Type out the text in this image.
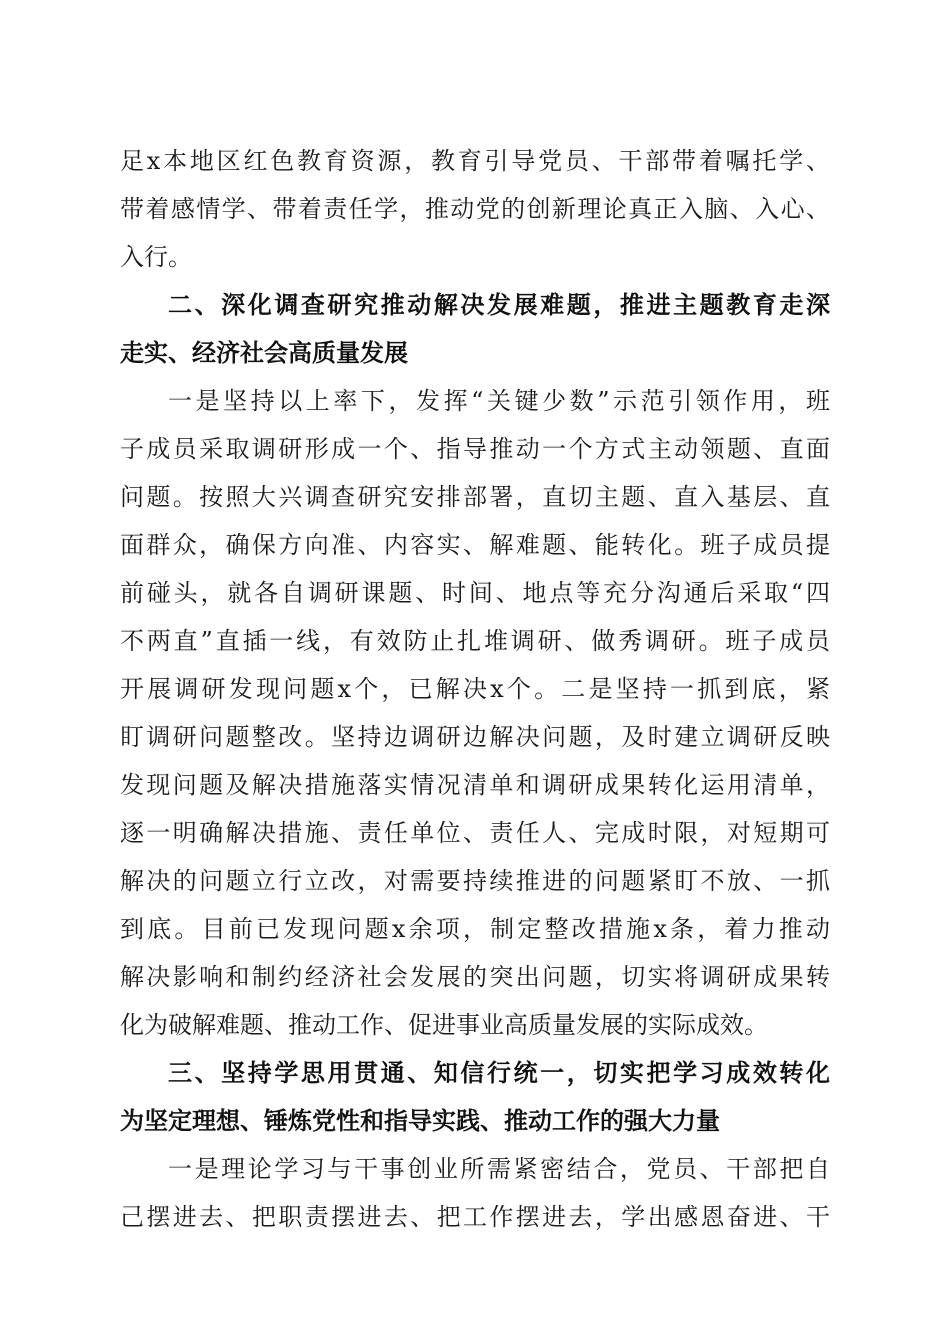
足x本地区红色教育资源，教育引导党员、干部带着嘱托学、

带着感情学、带着责任学，推动党的创新理论真正入脑、入心、

入行。

二、深化调查研究推动解决发展难题，推进主题教育走深

走实、经济社会高质量发展

一是坚持以上率下，发挥“关键少数”示范引领作用，班

子成员采取调研形成一个、指导推动一个方式主动领题、直面

问题。按照大兴调查研究安排部署，直切主题、直入基层、直

面群众，确保方向准、内容实、解难题、能转化。班子成员提

前碰头，就各自调研课题、时间、地点等充分沟通后采取“四

不两直”直插一线，有效防止扎堆调研、做秀调研。班子成员

开展调研发现问题x个，已解决x个。二是坚持一抓到底，紧

盯调研问题整改。坚持边调研边解决问题，及时建立调研反映

发现问题及解决措施落实情况清单和调研成果转化运用清单，

逐一明确解决措施、责任单位、责任人、完成时限，对短期可

解决的问题立行立改，对需要持续推进的问题紧盯不放、一抓

到底。目前已发现问题x余项，制定整改措施x条，着力推动

解决影响和制约经济社会发展的突出问题，切实将调研成果转

化为破解难题、推动工作、促进事业高质量发展的实际成效。

三、坚持学思用贯通、知信行统一，切实把学习成效转化

为坚定理想、锤炼党性和指导实践、推动工作的强大力量

一是理论学习与干事创业所需紧密结合，党员、干部把自

己摆进去、把职责摆进去、把工作摆进去，学出感恩奋进、干
